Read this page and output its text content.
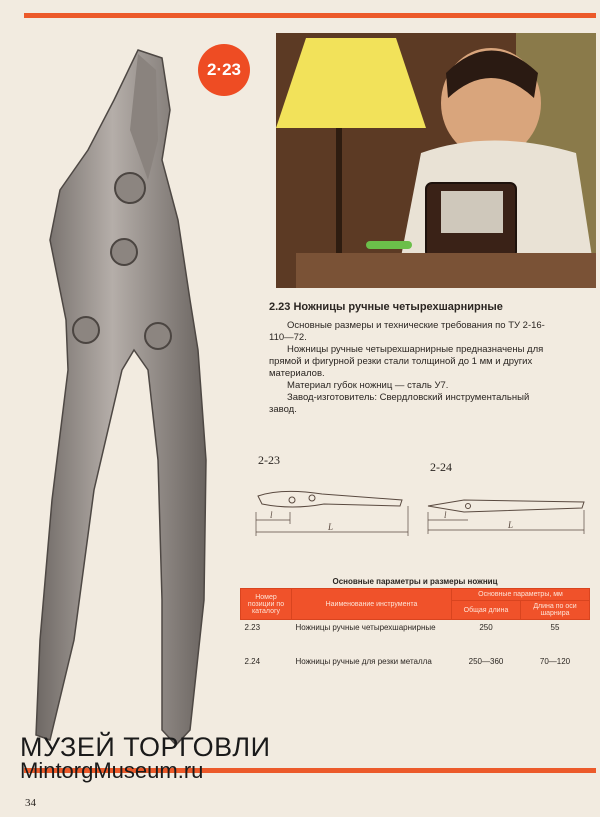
2·23
2.23 Ножницы ручные четырехшарнирные

Основные размеры и технические требования по ТУ 2-16-110—72.

Ножницы ручные четырехшарнирные предназначены для прямой и фигурной резки стали толщиной до 1 мм и других материалов.

Материал губок ножниц — сталь У7.

Завод-изготовитель: Свердловский инструментальный завод.

2-23	2-24
l
L
l
L
Основные параметры и размеры ножниц
Номер позиции по каталогу	Наименование инструмента	Основные параметры, мм	
		Общая длина	Длина по оси шарнира
2.23	Ножницы ручные четырехшарнирные	250	55
2.24	Ножницы ручные для резки металла	250—360	70—120
МУЗЕЙ ТОРГОВЛИ
MintorgMuseum.ru
34
